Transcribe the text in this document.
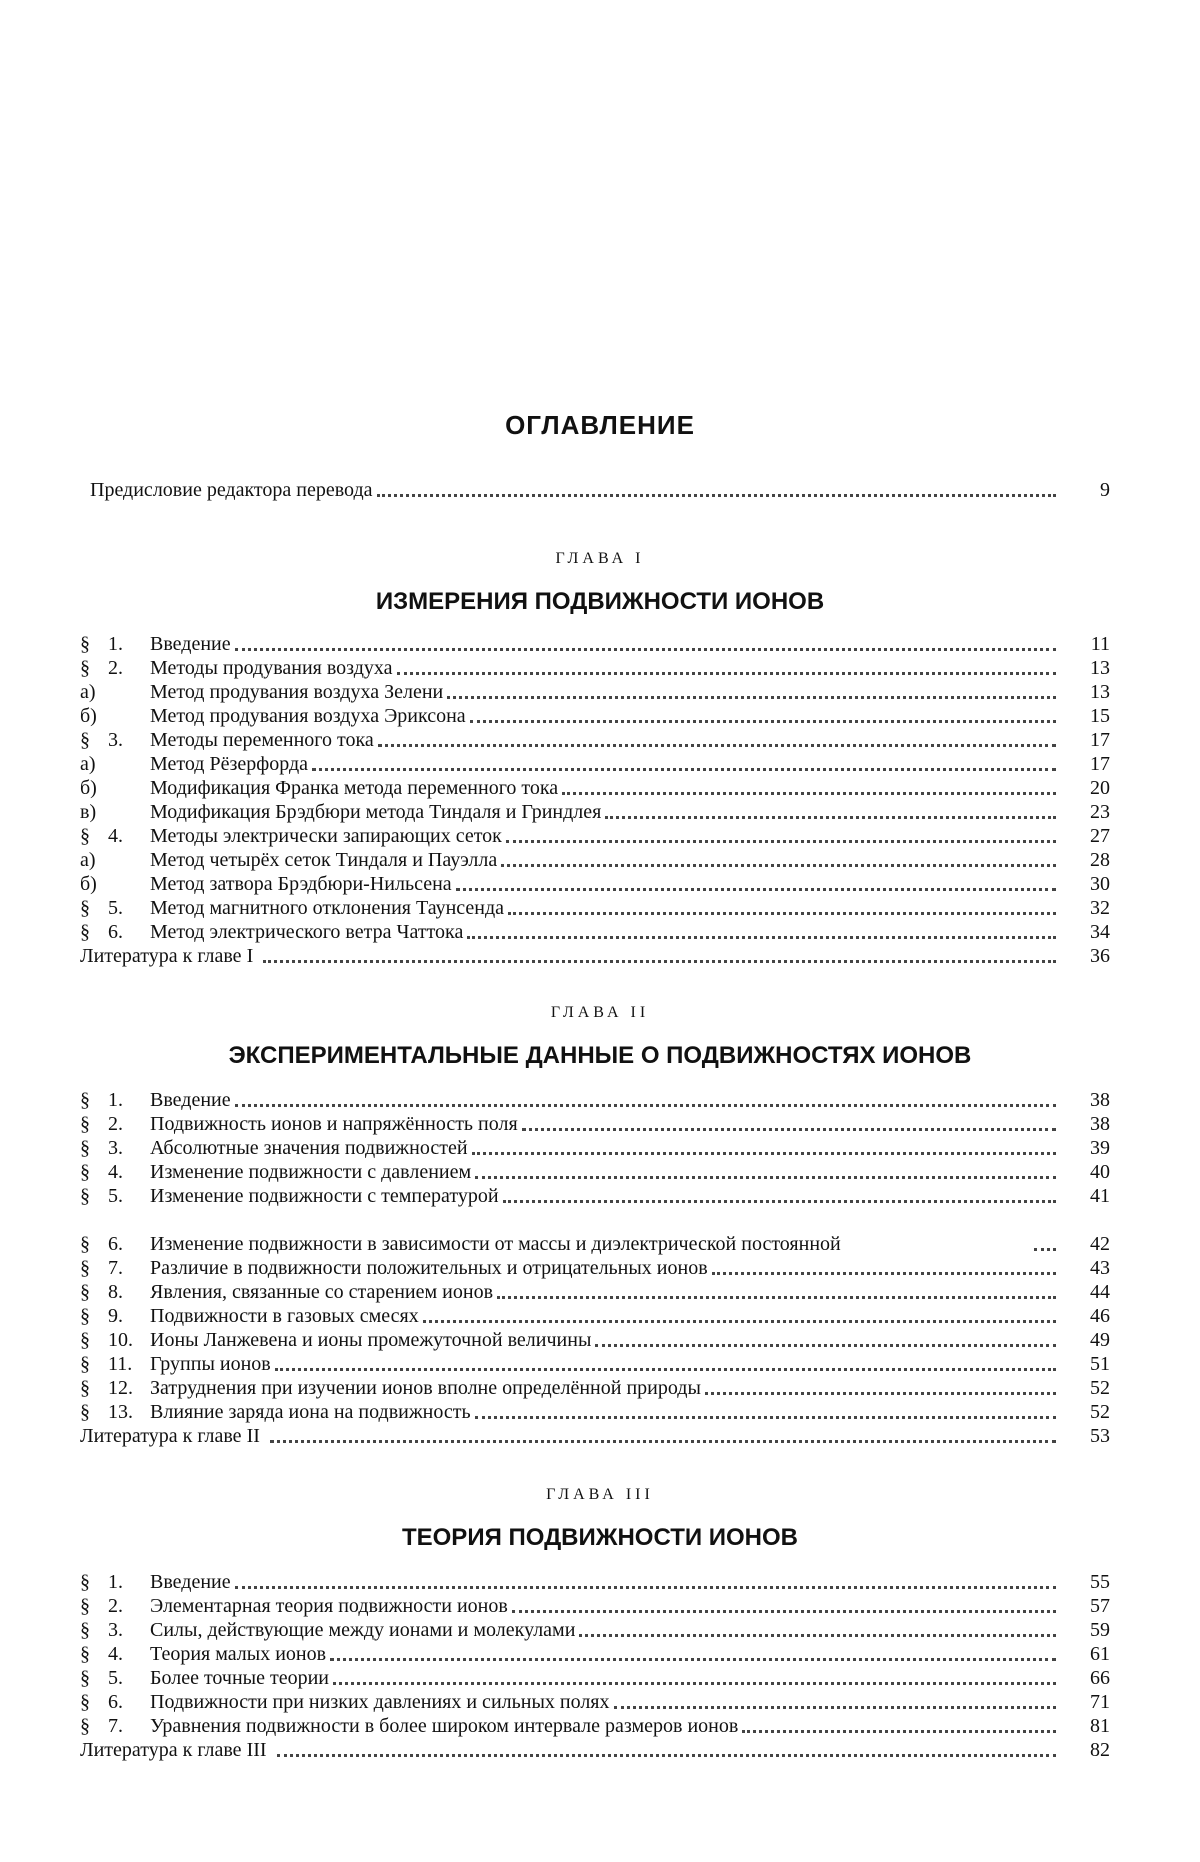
ОГЛАВЛЕНИЕ
Предисловие редактора перевода	9
ГЛАВА I
ИЗМЕРЕНИЯ ПОДВИЖНОСТИ ИОНОВ
§ 1.	Введение	11
§ 2.	Методы продувания воздуха	13
а)	Метод продувания воздуха Зелени	13
б)	Метод продувания воздуха Эриксона	15
§ 3.	Методы переменного тока	17
а)	Метод Рёзерфорда	17
б)	Модификация Франка метода переменного тока	20
в)	Модификация Брэдбюри метода Тиндаля и Гриндлея	23
§ 4.	Методы электрически запирающих сеток	27
а)	Метод четырёх сеток Тиндаля и Пауэлла	28
б)	Метод затвора Брэдбюри-Нильсена	30
§ 5.	Метод магнитного отклонения Таунсенда	32
§ 6.	Метод электрического ветра Чаттока	34
Литература к главе I	36
ГЛАВА II
ЭКСПЕРИМЕНТАЛЬНЫЕ ДАННЫЕ О ПОДВИЖНОСТЯХ ИОНОВ
§ 1.	Введение	38
§ 2.	Подвижность ионов и напряжённость поля	38
§ 3.	Абсолютные значения подвижностей	39
§ 4.	Изменение подвижности с давлением	40
§ 5.	Изменение подвижности с температурой	41
§ 6.	Изменение подвижности в зависимости от массы и диэлектрической постоянной	42
§ 7.	Различие в подвижности положительных и отрицательных ионов	43
§ 8.	Явления, связанные со старением ионов	44
§ 9.	Подвижности в газовых смесях	46
§ 10. Ионы Ланжевена и ионы промежуточной величины	49
§ 11. Группы ионов	51
§ 12. Затруднения при изучении ионов вполне определённой природы	52
§ 13. Влияние заряда иона на подвижность	52
Литература к главе II	53
ГЛАВА III
ТЕОРИЯ ПОДВИЖНОСТИ ИОНОВ
§ 1.	Введение	55
§ 2.	Элементарная теория подвижности ионов	57
§ 3.	Силы, действующие между ионами и молекулами	59
§ 4.	Теория малых ионов	61
§ 5.	Более точные теории	66
§ 6.	Подвижности при низких давлениях и сильных полях	71
§ 7.	Уравнения подвижности в более широком интервале размеров ионов	81
Литература к главе III	82
